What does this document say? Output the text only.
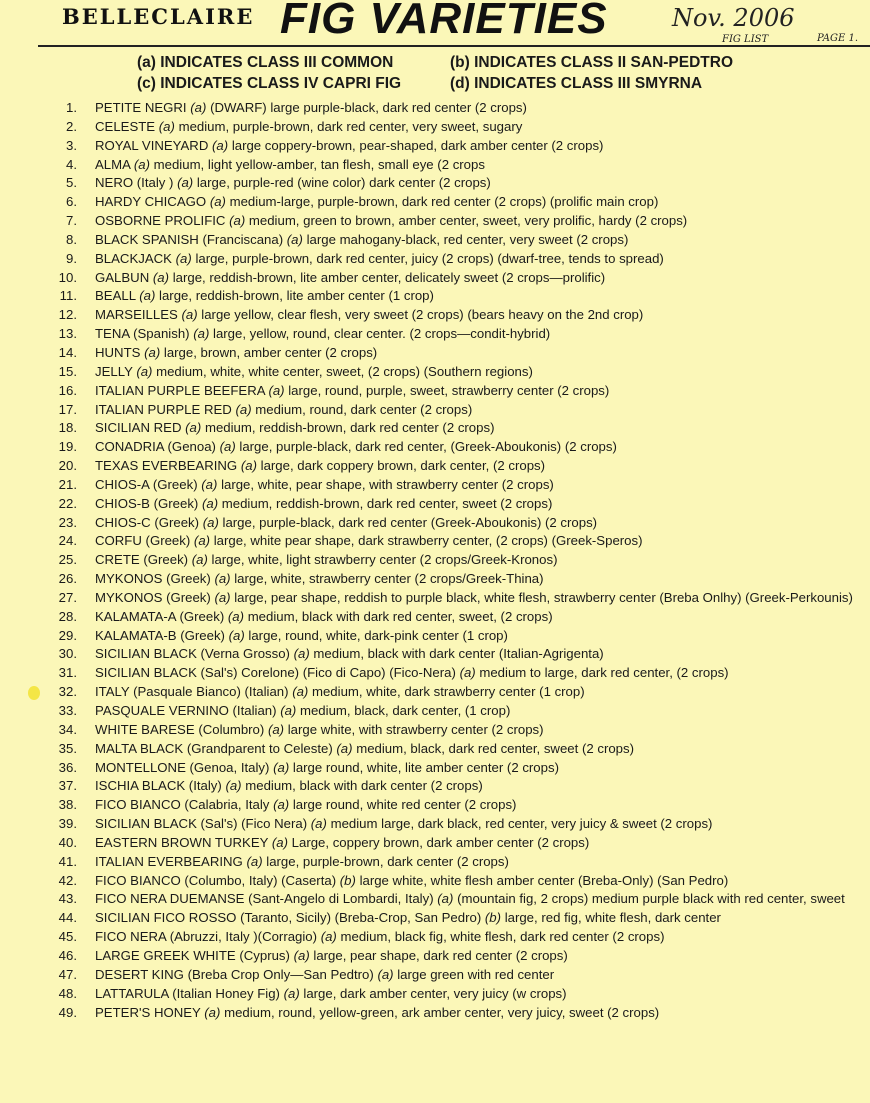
BELLECLAIRE FIG VARIETIES	Nov. 2006
FIG LIST	PAGE 1.
(a) INDICATES CLASS III COMMON	(b) INDICATES CLASS II SAN-PEDTRO
(c) INDICATES CLASS IV CAPRI FIG	(d) INDICATES CLASS III SMYRNA
1. PETITE NEGRI (a) (DWARF) large purple-black, dark red center (2 crops)
2. CELESTE (a) medium, purple-brown, dark red center, very sweet, sugary
3. ROYAL VINEYARD (a) large coppery-brown, pear-shaped, dark amber center (2 crops)
4. ALMA (a) medium, light yellow-amber, tan flesh, small eye (2 crops
5. NERO (Italy ) (a) large, purple-red (wine color) dark center (2 crops)
6. HARDY CHICAGO (a) medium-large, purple-brown, dark red center (2 crops) (prolific main crop)
7. OSBORNE PROLIFIC (a) medium, green to brown, amber center, sweet, very prolific, hardy (2 crops)
8. BLACK SPANISH (Franciscana) (a) large mahogany-black, red center, very sweet (2 crops)
9. BLACKJACK (a) large, purple-brown, dark red center, juicy (2 crops) (dwarf-tree, tends to spread)
10. GALBUN (a) large, reddish-brown, lite amber center, delicately sweet (2 crops—prolific)
11. BEALL (a) large, reddish-brown, lite amber center (1 crop)
12. MARSEILLES (a) large yellow, clear flesh, very sweet (2 crops) (bears heavy on the 2nd crop)
13. TENA (Spanish) (a) large, yellow, round, clear center. (2 crops—condit-hybrid)
14. HUNTS (a) large, brown, amber center (2 crops)
15. JELLY (a) medium, white, white center, sweet, (2 crops) (Southern regions)
16. ITALIAN PURPLE BEEFERA (a) large, round, purple, sweet, strawberry center (2 crops)
17. ITALIAN PURPLE RED (a) medium, round, dark center (2 crops)
18. SICILIAN RED (a) medium, reddish-brown, dark red center (2 crops)
19. CONADRIA (Genoa) (a) large, purple-black, dark red center, (Greek-Aboukonis) (2 crops)
20. TEXAS EVERBEARING (a) large, dark coppery brown, dark center, (2 crops)
21. CHIOS-A (Greek) (a) large, white, pear shape, with strawberry center (2 crops)
22. CHIOS-B (Greek) (a) medium, reddish-brown, dark red center, sweet (2 crops)
23. CHIOS-C (Greek) (a) large, purple-black, dark red center (Greek-Aboukonis) (2 crops)
24. CORFU (Greek) (a) large, white pear shape, dark strawberry center, (2 crops) (Greek-Speros)
25. CRETE (Greek) (a) large, white, light strawberry center (2 crops/Greek-Kronos)
26. MYKONOS (Greek) (a) large, white, strawberry center (2 crops/Greek-Thina)
27. MYKONOS (Greek) (a) large, pear shape, reddish to purple black, white flesh, strawberry center (Breba Onlhy) (Greek-Perkounis)
28. KALAMATA-A (Greek) (a) medium, black with dark red center, sweet, (2 crops)
29. KALAMATA-B (Greek) (a) large, round, white, dark-pink center (1 crop)
30. SICILIAN BLACK (Verna Grosso) (a) medium, black with dark center (Italian-Agrigenta)
31. SICILIAN BLACK (Sal's) Corelone) (Fico di Capo) (Fico-Nera) (a) medium to large, dark red center, (2 crops)
32. ITALY (Pasquale Bianco) (Italian) (a) medium, white, dark strawberry center (1 crop)
33. PASQUALE VERNINO (Italian) (a) medium, black, dark center, (1 crop)
34. WHITE BARESE (Columbro) (a) large white, with strawberry center (2 crops)
35. MALTA BLACK (Grandparent to Celeste) (a) medium, black, dark red center, sweet (2 crops)
36. MONTELLONE (Genoa, Italy) (a) large round, white, lite amber center (2 crops)
37. ISCHIA BLACK (Italy) (a) medium, black with dark center (2 crops)
38. FICO BIANCO (Calabria, Italy (a) large round, white red center (2 crops)
39. SICILIAN BLACK (Sal's) (Fico Nera) (a) medium large, dark black, red center, very juicy & sweet (2 crops)
40. EASTERN BROWN TURKEY (a) Large, coppery brown, dark amber center (2 crops)
41. ITALIAN EVERBEARING (a) large, purple-brown, dark center (2 crops)
42. FICO BIANCO (Columbo, Italy) (Caserta) (b) large white, white flesh amber center (Breba-Only) (San Pedro)
43. FICO NERA DUEMANSE (Sant-Angelo di Lombardi, Italy) (a) (mountain fig, 2 crops) medium purple black with red center, sweet
44. SICILIAN FICO ROSSO (Taranto, Sicily) (Breba-Crop, San Pedro) (b) large, red fig, white flesh, dark center
45. FICO NERA (Abruzzi, Italy )(Corragio) (a) medium, black fig, white flesh, dark red center (2 crops)
46. LARGE GREEK WHITE (Cyprus) (a) large, pear shape, dark red center (2 crops)
47. DESERT KING (Breba Crop Only—San Pedtro) (a) large green with red center
48. LATTARULA (Italian Honey Fig) (a) large, dark amber center, very juicy (w crops)
49. PETER'S HONEY (a) medium, round, yellow-green, ark amber center, very juicy, sweet (2 crops)
